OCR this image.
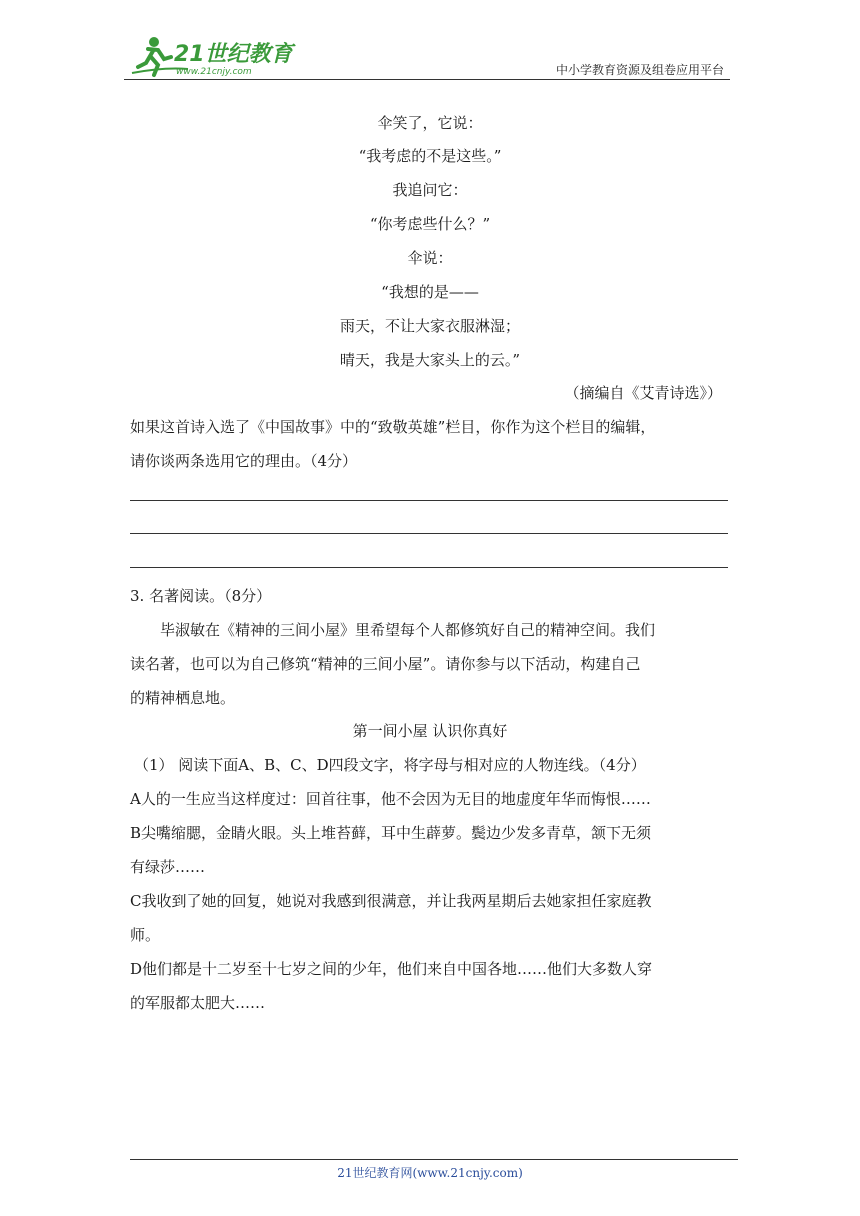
21世纪教育
www.21cnjy.com	中小学教育资源及组卷应用平台
伞笑了，它说：
“我考虑的不是这些。”
我追问它：
“你考虑些什么？”
伞说：
“我想的是——
雨天，不让大家衣服淋湿；
晴天，我是大家头上的云。”
（摘编自《艾青诗选》）
如果这首诗入选了《中国故事》中的“致敬英雄”栏目，你作为这个栏目的编辑，
请你谈两条选用它的理由。（4分）
3. 名著阅读。（8分）
毕淑敏在《精神的三间小屋》里希望每个人都修筑好自己的精神空间。我们
读名著，也可以为自己修筑“精神的三间小屋”。请你参与以下活动，构建自己
的精神栖息地。
第一间小屋 认识你真好
（1） 阅读下面A、B、C、D四段文字，将字母与相对应的人物连线。（4分）
A人的一生应当这样度过：回首往事，他不会因为无目的地虚度年华而悔恨……
B尖嘴缩腮，金睛火眼。头上堆苔藓，耳中生薜萝。鬓边少发多青草，颔下无须
有绿莎……
C我收到了她的回复，她说对我感到很满意，并让我两星期后去她家担任家庭教
师。
D他们都是十二岁至十七岁之间的少年，他们来自中国各地……他们大多数人穿
的军服都太肥大……
21世纪教育网(www.21cnjy.com)
